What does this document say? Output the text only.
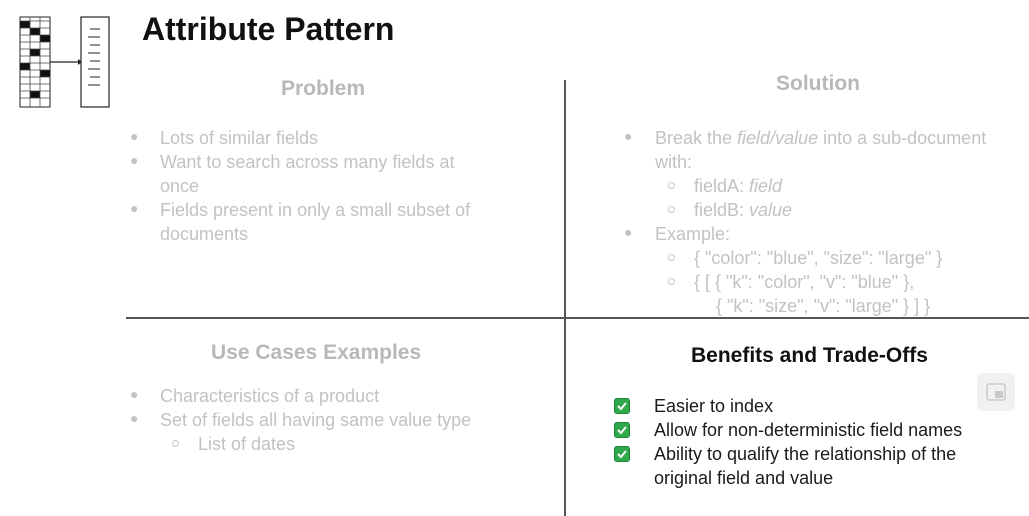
Attribute Pattern
Problem
● Lots of similar fields
● Want to search across many fields at
once
● Fields present in only a small subset of
documents
Solution
● Break the field/value into a sub-document
with:
fieldA: field
fieldB: value
● Example:
{ "color": "blue", "size": "large" }
{ [ { "k": "color", "v": "blue" },
{ "k": "size", "v": "large" } ] }
Use Cases Examples
● Characteristics of a product
● Set of fields all having same value type
List of dates
Benefits and Trade-Offs
Easier to index
Allow for non-deterministic field names
Ability to qualify the relationship of the
original field and value
